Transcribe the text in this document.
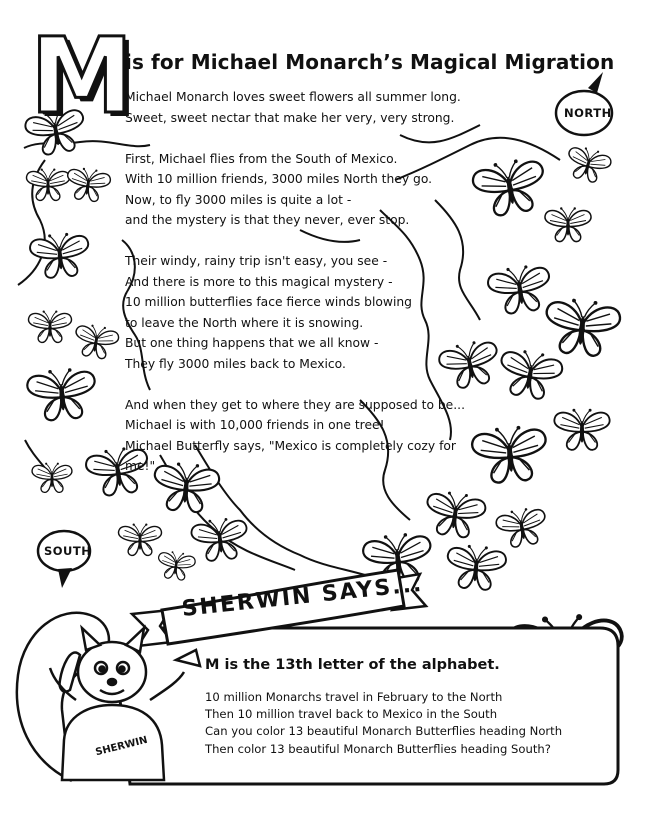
M
is for Michael Monarch’s Magical Migration

Michael Monarch loves sweet flowers all summer long.

Sweet, sweet nectar that make her very, very strong.

First, Michael flies from the South of Mexico.

With 10 million friends, 3000 miles North they go.

Now, to fly 3000 miles is quite a lot -

and the mystery is that they never, ever stop.

Their windy, rainy trip isn't easy, you see -

And there is more to this magical mystery -

10 million butterflies face fierce winds blowing

to leave the North where it is snowing.

But one thing happens that we all know -

They fly 3000 miles back to Mexico.

And when they get to where they are supposed to be...

Michael is with 10,000 friends in one tree!

Michael Butterfly says, "Mexico is completely cozy for me!"

NORTH
SOUTH
SHERWIN SAYS...
SHERWIN
M is the 13th letter of the alphabet.
10 million Monarchs travel in February to the North
Then 10 million travel back to Mexico in the South
Can you color 13 beautiful Monarch Butterflies heading North
Then color 13 beautiful Monarch Butterflies heading South?
